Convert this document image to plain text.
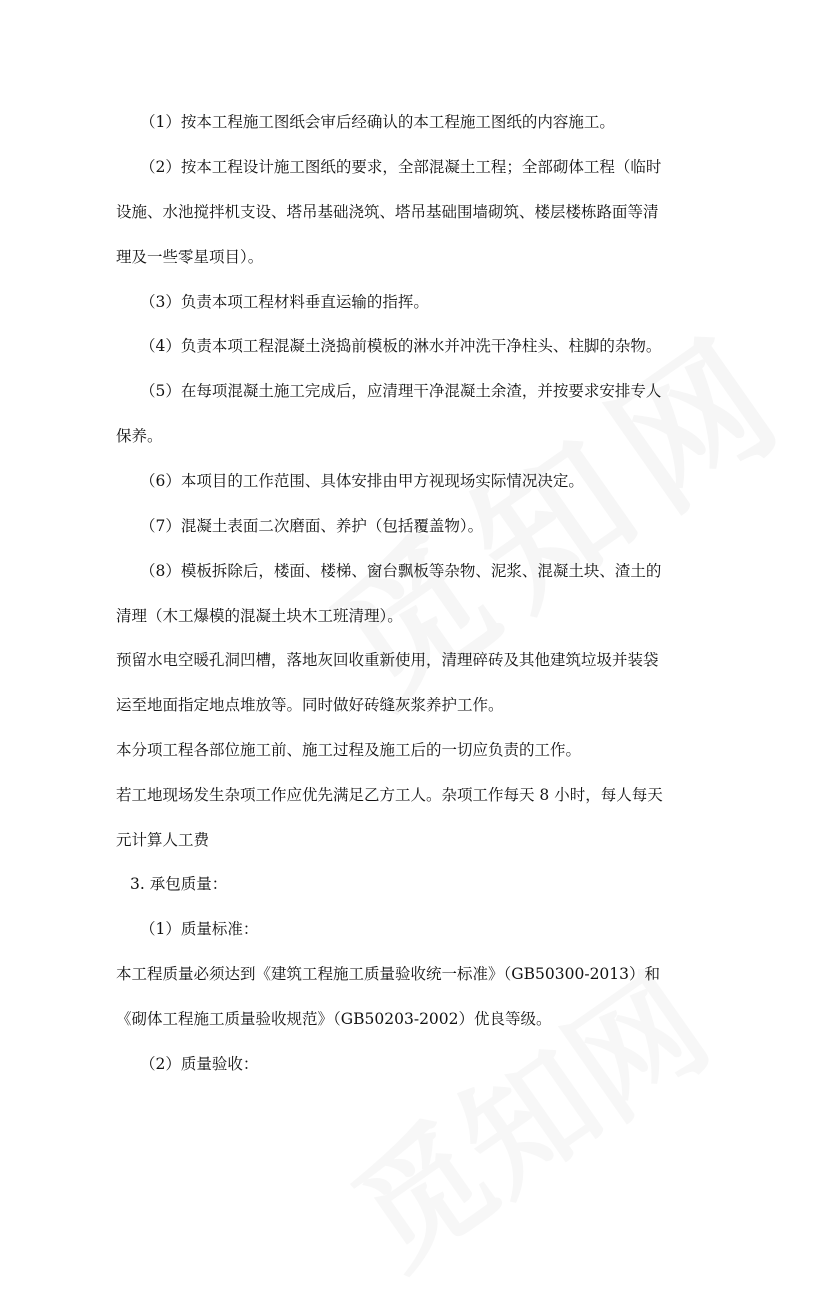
（1）按本工程施工图纸会审后经确认的本工程施工图纸的内容施工。
（2）按本工程设计施工图纸的要求，全部混凝土工程；全部砌体工程（临时
设施、水池搅拌机支设、塔吊基础浇筑、塔吊基础围墙砌筑、楼层楼栋路面等清
理及一些零星项目）。
（3）负责本项工程材料垂直运输的指挥。
（4）负责本项工程混凝土浇捣前模板的淋水并冲洗干净柱头、柱脚的杂物。
（5）在每项混凝土施工完成后，应清理干净混凝土余渣，并按要求安排专人
保养。
（6）本项目的工作范围、具体安排由甲方视现场实际情况决定。
（7）混凝土表面二次磨面、养护（包括覆盖物）。
（8）模板拆除后，楼面、楼梯、窗台飘板等杂物、泥浆、混凝土块、渣土的
清理（木工爆模的混凝土块木工班清理）。
预留水电空暖孔洞凹槽，落地灰回收重新使用，清理碎砖及其他建筑垃圾并装袋
运至地面指定地点堆放等。同时做好砖缝灰浆养护工作。
本分项工程各部位施工前、施工过程及施工后的一切应负责的工作。
若工地现场发生杂项工作应优先满足乙方工人。杂项工作每天 8 小时，每人每天
元计算人工费
3. 承包质量：
（1）质量标准：
本工程质量必须达到《建筑工程施工质量验收统一标准》（GB50300-2013）和
《砌体工程施工质量验收规范》（GB50203-2002）优良等级。
（2）质量验收：
